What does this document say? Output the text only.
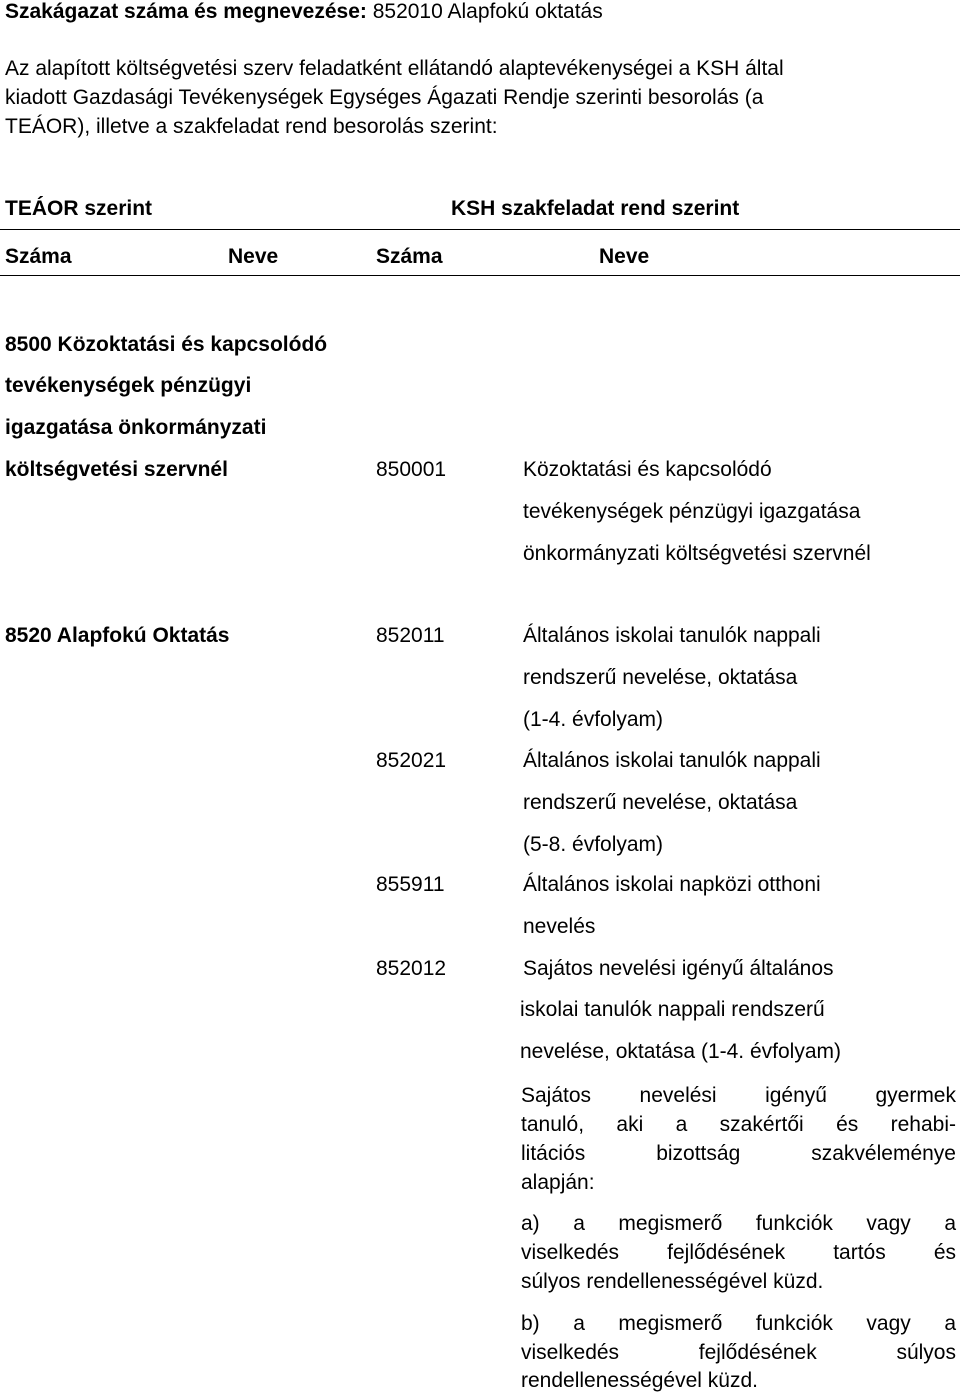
Szakágazat száma és megnevezése: 852010 Alapfokú oktatás
Az alapított költségvetési szerv feladatként ellátandó alaptevékenységei a KSH által
kiadott Gazdasági Tevékenységek Egységes Ágazati Rendje szerinti besorolás (a
TEÁOR), illetve a szakfeladat rend besorolás szerint:
TEÁOR szerint	KSH szakfeladat rend szerint
Száma	Neve	Száma	Neve
8500 Közoktatási és kapcsolódó
tevékenységek pénzügyi
igazgatása önkormányzati
költségvetési szervnél	850001	Közoktatási és kapcsolódó
tevékenységek pénzügyi igazgatása
önkormányzati költségvetési szervnél
8520 Alapfokú Oktatás	852011	Általános iskolai tanulók nappali
rendszerű nevelése, oktatása
(1-4. évfolyam)
852021	Általános iskolai tanulók nappali
rendszerű nevelése, oktatása
(5-8. évfolyam)
855911	Általános iskolai napközi otthoni
nevelés
852012	Sajátos nevelési igényű általános
iskolai tanulók nappali rendszerű
nevelése, oktatása (1-4. évfolyam)
Sajátos nevelési igényű gyermek
tanuló, aki a szakértői és rehabi-
litációs bizottság szakvéleménye
alapján:
a) a megismerő funkciók vagy a
viselkedés fejlődésének tartós és
súlyos rendellenességével küzd.
b) a megismerő funkciók vagy a
viselkedés fejlődésének súlyos
rendellenességével küzd.
